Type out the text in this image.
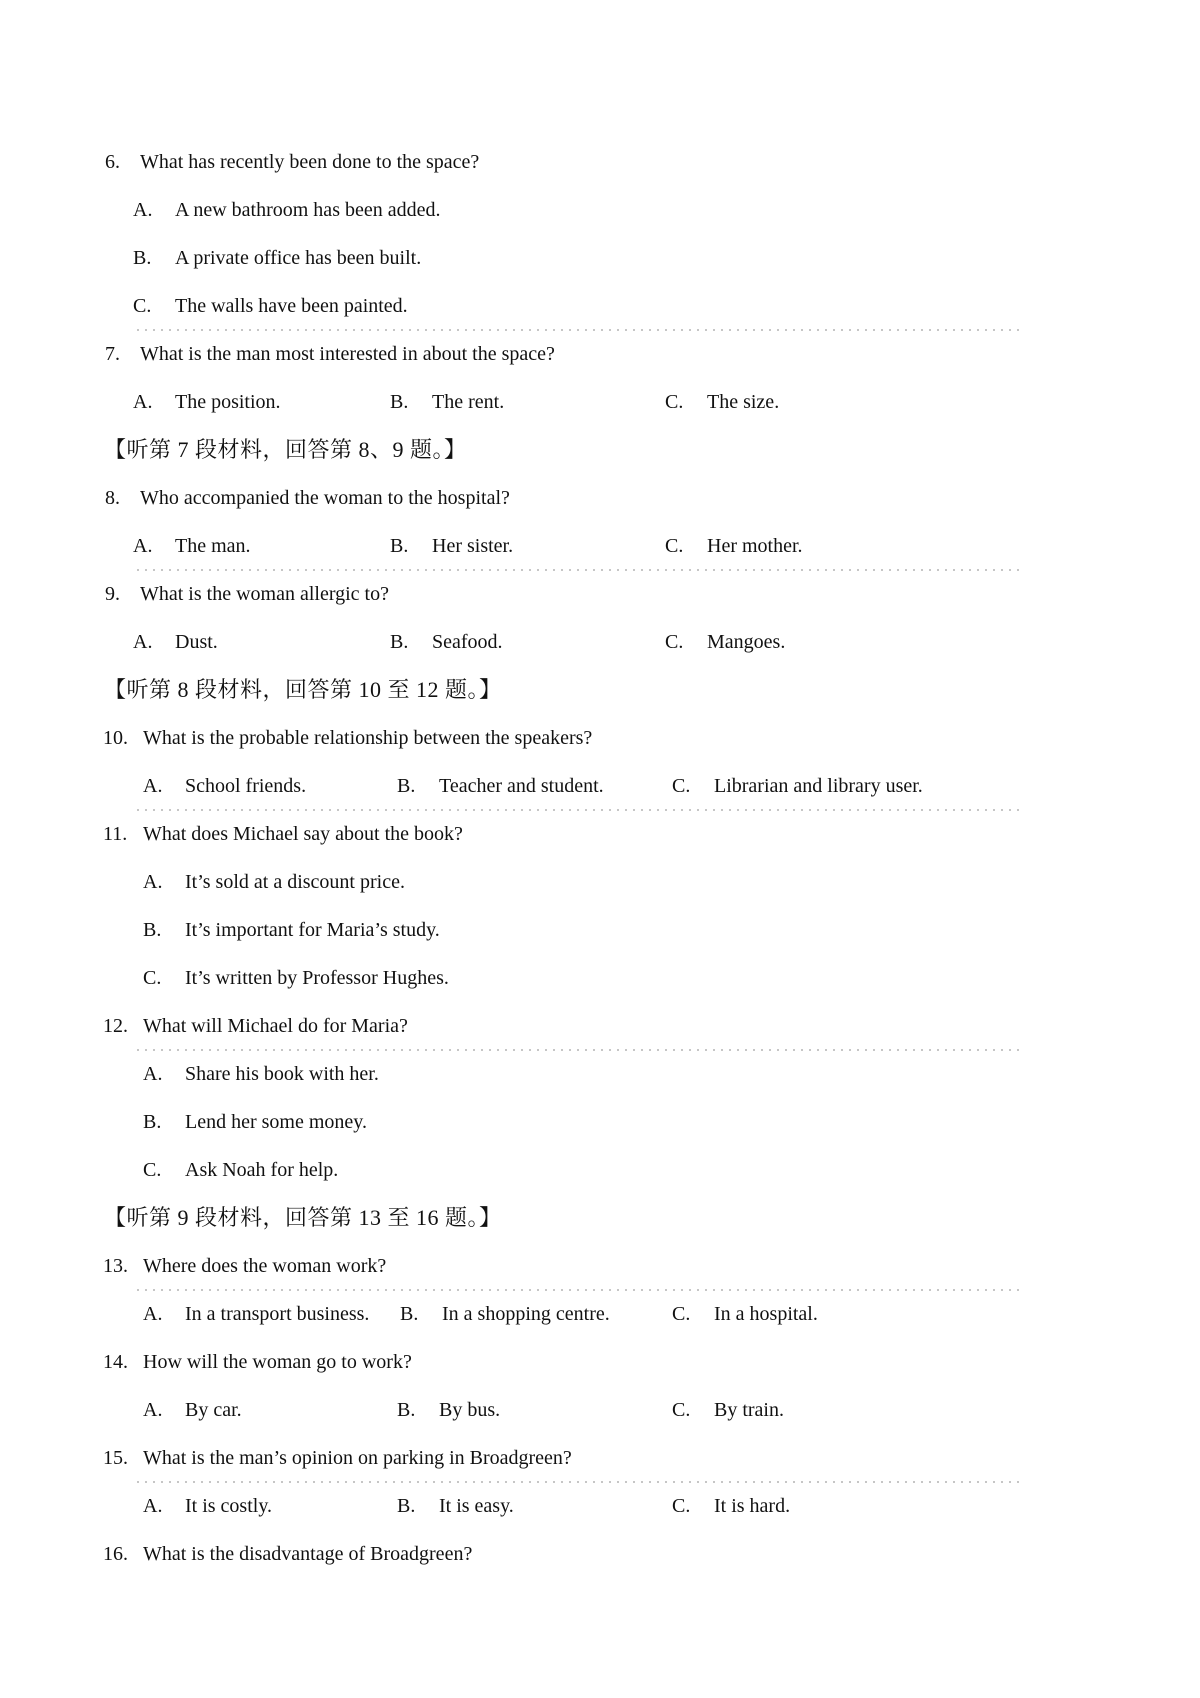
6. What has recently been done to the space?
A. A new bathroom has been added.
B. A private office has been built.
C. The walls have been painted.
7. What is the man most interested in about the space?
A. The position.	B. The rent.	C. The size.
【听第 7 段材料，回答第 8、9 题。】
8. Who accompanied the woman to the hospital?
A. The man.	B. Her sister.	C. Her mother.
9. What is the woman allergic to?
A. Dust.	B. Seafood.	C. Mangoes.
【听第 8 段材料，回答第 10 至 12 题。】
10. What is the probable relationship between the speakers?
A. School friends.	B. Teacher and student.	C. Librarian and library user.
11. What does Michael say about the book?
A. It’s sold at a discount price.
B. It’s important for Maria’s study.
C. It’s written by Professor Hughes.
12. What will Michael do for Maria?
A. Share his book with her.
B. Lend her some money.
C. Ask Noah for help.
【听第 9 段材料，回答第 13 至 16 题。】
13. Where does the woman work?
A. In a transport business. B. In a shopping centre.	C. In a hospital.
14. How will the woman go to work?
A. By car.	B. By bus.	C. By train.
15. What is the man’s opinion on parking in Broadgreen?
A. It is costly.	B. It is easy.	C. It is hard.
16. What is the disadvantage of Broadgreen?
